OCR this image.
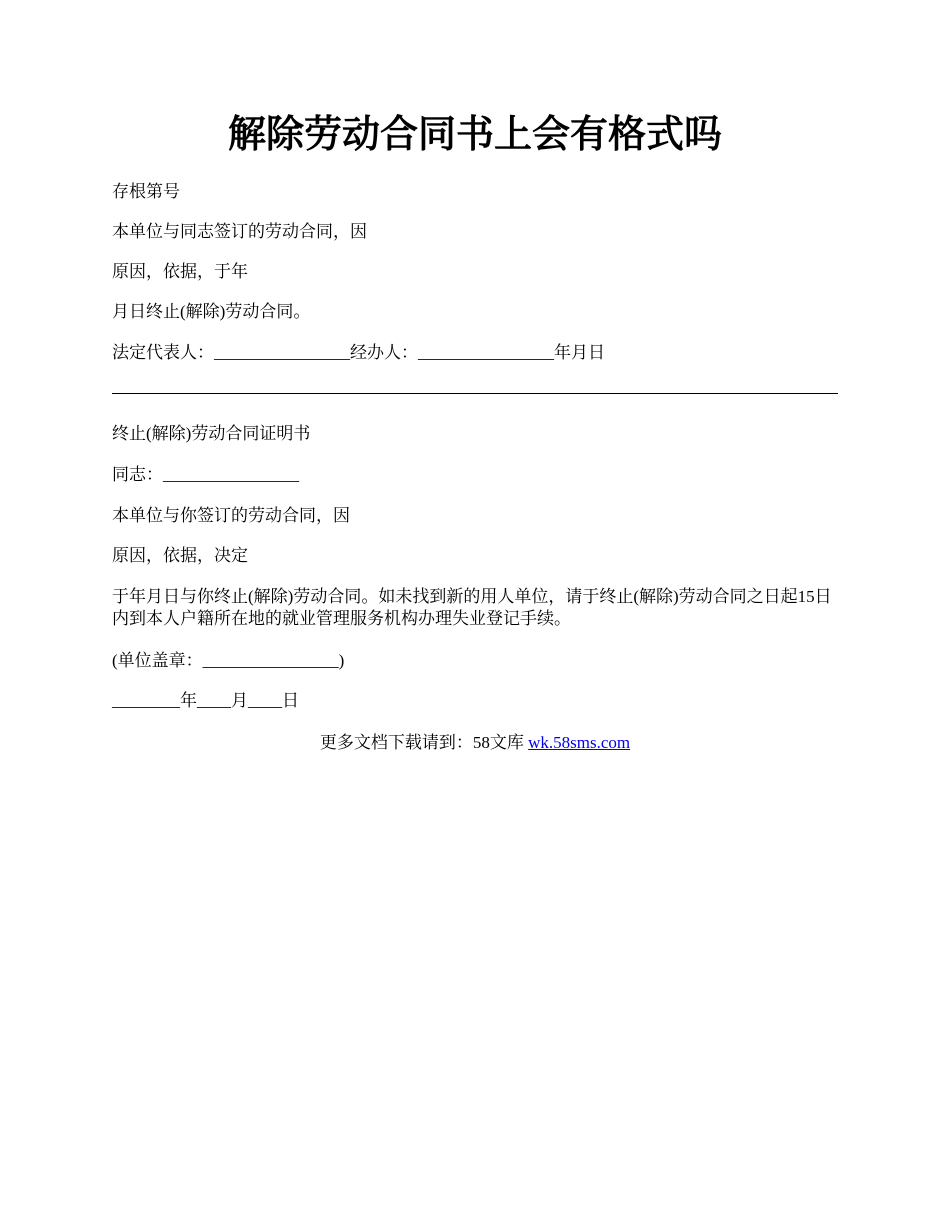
解除劳动合同书上会有格式吗
存根第号
本单位与同志签订的劳动合同，因
原因，依据，于年
月日终止(解除)劳动合同。
法定代表人：________________经办人：________________年月日
终止(解除)劳动合同证明书
同志：________________
本单位与你签订的劳动合同，因
原因，依据，决定
于年月日与你终止(解除)劳动合同。如未找到新的用人单位，请于终止(解除)劳动合同之日起15日内到本人户籍所在地的就业管理服务机构办理失业登记手续。
(单位盖章：________________)
________年____月____日
更多文档下载请到：58文库 wk.58sms.com
